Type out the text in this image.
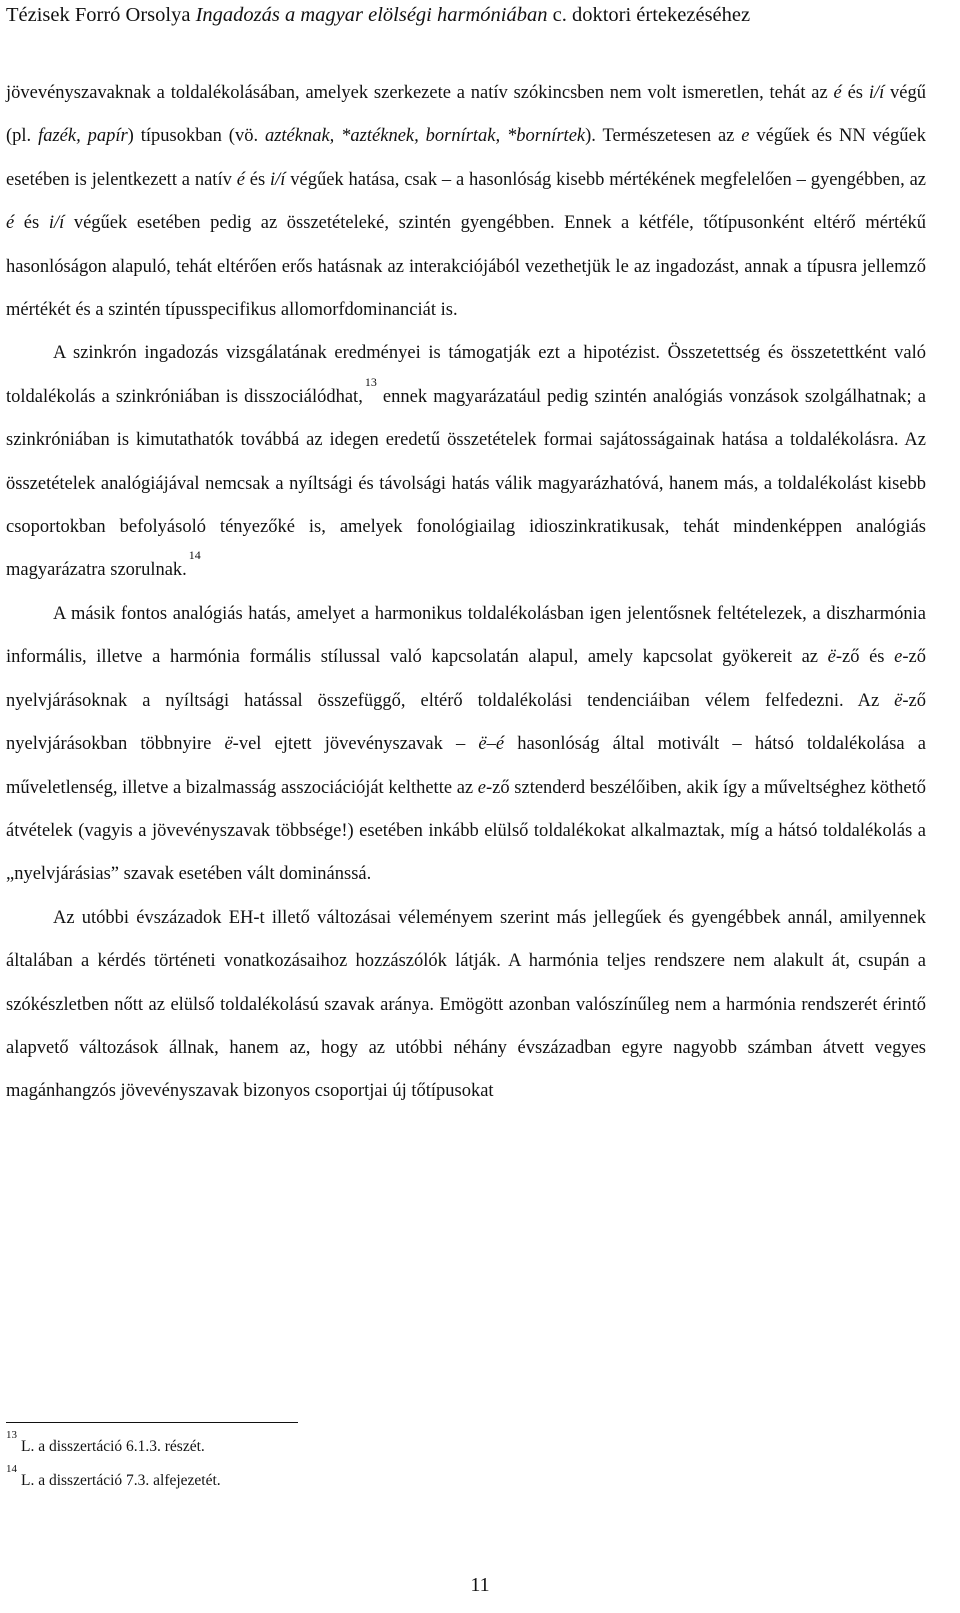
Tézisek Forró Orsolya Ingadozás a magyar elölségi harmóniában c. doktori értekezéséhez

jövevényszavaknak a toldalékolásában, amelyek szerkezete a natív szókincsben nem volt ismeretlen, tehát az é és i/í végű (pl. fazék, papír) típusokban (vö. aztéknak, *aztéknek, bornírtak, *bornírtek). Természetesen az e végűek és NN végűek esetében is jelentkezett a natív é és i/í végűek hatása, csak – a hasonlóság kisebb mértékének megfelelően – gyengébben, az é és i/í végűek esetében pedig az összetételeké, szintén gyengébben. Ennek a kétféle, tőtípusonként eltérő mértékű hasonlóságon alapuló, tehát eltérően erős hatásnak az interakciójából vezethetjük le az ingadozást, annak a típusra jellemző mértékét és a szintén típusspecifikus allomorfdominanciát is.

A szinkrón ingadozás vizsgálatának eredményei is támogatják ezt a hipotézist. Összetettség és összetettként való toldalékolás a szinkróniában is disszociálódhat,$^{13}$ ennek magyarázatául pedig szintén analógiás vonzások szolgálhatnak; a szinkróniában is kimutathatók továbbá az idegen eredetű összetételek formai sajátosságainak hatása a toldalékolásra. Az összetételek analógiájával nemcsak a nyíltsági és távolsági hatás válik magyarázhatóvá, hanem más, a toldalékolást kisebb csoportokban befolyásoló tényezőké is, amelyek fonológiailag idioszinkratikusak, tehát mindenképpen analógiás magyarázatra szorulnak.$^{14}$

A másik fontos analógiás hatás, amelyet a harmonikus toldalékolásban igen jelentősnek feltételezek, a diszharmónia informális, illetve a harmónia formális stílussal való kapcsolatán alapul, amely kapcsolat gyökereit az ë-ző és e-ző nyelvjárásoknak a nyíltsági hatással összefüggő, eltérő toldalékolási tendenciáiban vélem felfedezni. Az ë-ző nyelvjárásokban többnyire ë-vel ejtett jövevényszavak – ë–é hasonlóság által motivált – hátsó toldalékolása a műveletlenség, illetve a bizalmasság asszociációját kelthette az e-ző sztenderd beszélőiben, akik így a műveltséghez köthető átvételek (vagyis a jövevényszavak többsége!) esetében inkább elülső toldalékokat alkalmaztak, míg a hátsó toldalékolás a „nyelvjárásias” szavak esetében vált dominánssá.

Az utóbbi évszázadok EH-t illető változásai véleményem szerint más jellegűek és gyengébbek annál, amilyennek általában a kérdés történeti vonatkozásaihoz hozzászólók látják. A harmónia teljes rendszere nem alakult át, csupán a szókészletben nőtt az elülső toldalékolású szavak aránya. Emögött azonban valószínűleg nem a harmónia rendszerét érintő alapvető változások állnak, hanem az, hogy az utóbbi néhány évszázadban egyre nagyobb számban átvett vegyes magánhangzós jövevényszavak bizonyos csoportjai új tőtípusokat

$^{13}$L. a disszertáció 6.1.3. részét.

$^{14}$L. a disszertáció 7.3. alfejezetét.

11
